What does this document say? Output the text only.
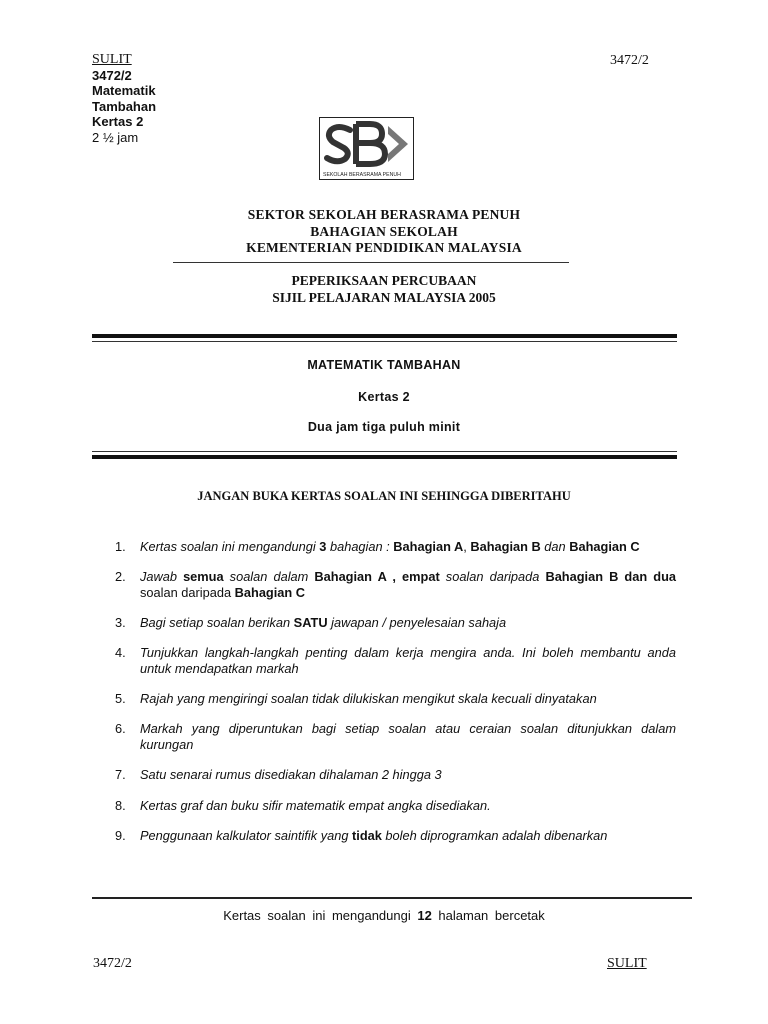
SULIT
3472/2
Matematik
Tambahan
Kertas 2
2 ½ jam
3472/2
SEKOLAH BERASRAMA PENUH
SEKTOR SEKOLAH BERASRAMA PENUH
BAHAGIAN SEKOLAH
KEMENTERIAN PENDIDIKAN MALAYSIA
PEPERIKSAAN PERCUBAAN
SIJIL PELAJARAN MALAYSIA 2005
MATEMATIK TAMBAHAN
Kertas 2
Dua jam tiga puluh minit
JANGAN BUKA KERTAS SOALAN INI SEHINGGA DIBERITAHU
1.	Kertas soalan ini mengandungi 3 bahagian : Bahagian A, Bahagian B dan Bahagian C
2.	Jawab semua soalan dalam Bahagian A , empat soalan daripada Bahagian B dan dua soalan daripada Bahagian C
3.	Bagi setiap soalan berikan SATU jawapan / penyelesaian sahaja
4.	Tunjukkan langkah-langkah penting dalam kerja mengira anda. Ini boleh membantu anda untuk mendapatkan markah
5.	Rajah yang mengiringi soalan tidak dilukiskan mengikut skala kecuali dinyatakan
6.	Markah yang diperuntukan bagi setiap soalan atau ceraian soalan ditunjukkan dalam kurungan
7.	Satu senarai rumus disediakan dihalaman 2 hingga 3
8.	Kertas graf dan buku sifir matematik empat angka disediakan.
9.	Penggunaan kalkulator saintifik yang tidak boleh diprogramkan adalah dibenarkan
Kertas soalan ini mengandungi 12 halaman bercetak
3472/2	SULIT
